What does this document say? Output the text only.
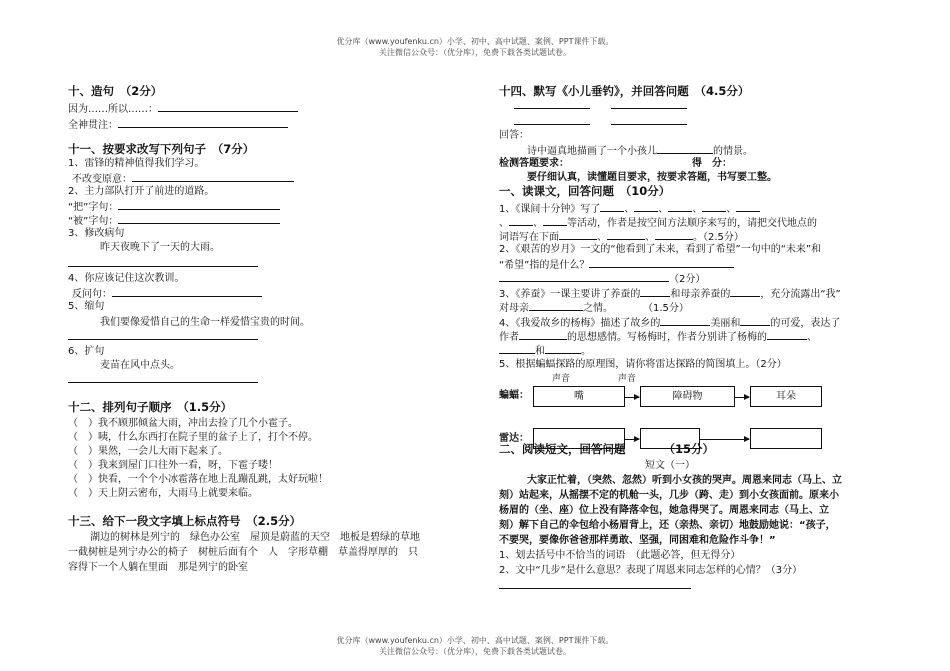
优分库（www.youfenku.cn）小学、初中、高中试题、案例、PPT课件下载。
关注微信公众号：（优分库），免费下载各类试题试卷。
优分库（www.youfenku.cn）小学、初中、高中试题、案例、PPT课件下载。
关注微信公众号：（优分库），免费下载各类试题试卷。
十、造句　（2分）
因为……所以……：
全神贯注：
十一、按要求改写下列句子　（7分）
1、雷锋的精神值得我们学习。
不改变原意：
2、主力部队打开了前进的道路。
“把”字句：
“被”字句：
3、修改病句
昨天夜晚下了一天的大雨。
4、你应该记住这次教训。
反问句：
5、缩句
我们要像爱惜自己的生命一样爱惜宝贵的时间。
6、扩句
麦苗在风中点头。
十二、排列句子顺序　（1.5分）
（　）我不顾那倾盆大雨，冲出去捡了几个小雹子。
（　）咦，什么东西打在院子里的盆子上了，打个不停。
（　）果然，一会儿大雨下起来了。
（　）我来到屋门口往外一看，呀，下雹子喽！
（　）快看，一个个小冰雹落在地上乱蹦乱跳，太好玩啦！
（　）天上阴云密布，大雨马上就要来临。
十三、给下一段文字填上标点符号　（2.5分）
湖边的树林是列宁的　绿色办公室　屋顶是蔚蓝的天空　地板是碧绿的草地
一截树桩是列宁办公的椅子　树桩后面有个　人　字形草棚　草盖得厚厚的　只
容得下一个人躺在里面　那是列宁的卧室
十四、默写《小儿垂钓》，并回答问题　（4.5分）
回答：
诗中逼真地描画了一个小孩儿	的情景。
检测答题要求：	得　分：
要仔细认真，读懂题目要求，按要求答题，书写要工整。
一、读课文，回答问题　（10分）
1、《课间十分钟》写了 、 、 、 、
、 、 等活动，作者是按空间方法顺序来写的，请把交代地点的
词语写在下面	、	、	。（2.5分）
2、《艰苦的岁月》一文的“他看到了未来，看到了希望”一句中的“未来”和
“希望”指的是什么？
（2分）
3、《养蚕》一课主要讲了养蚕的	和母亲养蚕的	，充分流露出“我”
对母亲	之情。	（1.5分）
4、《我爱故乡的杨梅》描述了故乡的	美丽和	的可爱，表达了
作者	的思想感情。写杨梅时，作者分别讲了杨梅的	、
和	。
5、根据蝙蝠探路的原理图，请你将雷达探路的简图填上。（2分）
声音	声音
蝙蝠：	嘴	障碍物	耳朵
雷达：
二、阅读短文，回答问题	（15分）
短文（一）
大家正忙着，（突然、忽然）听到小女孩的哭声。周恩来同志（马上、立
刻）站起来，从摇摆不定的机舱一头，几步（跨、走）到小女孩面前。原来小
杨眉的（坐、座）位上没有降落伞包，她急得哭了。周恩来同志（马上、立
刻）解下自己的伞包给小杨眉背上，还（亲热、亲切）地鼓励她说：“孩子，
不要哭，要像你爸爸那样勇敢、坚强，同困难和危险作斗争！”
1、划去括号中不恰当的词语　（此题必答，但无得分）
2、文中“几步”是什么意思？表现了周恩来同志怎样的心情？（3分）
